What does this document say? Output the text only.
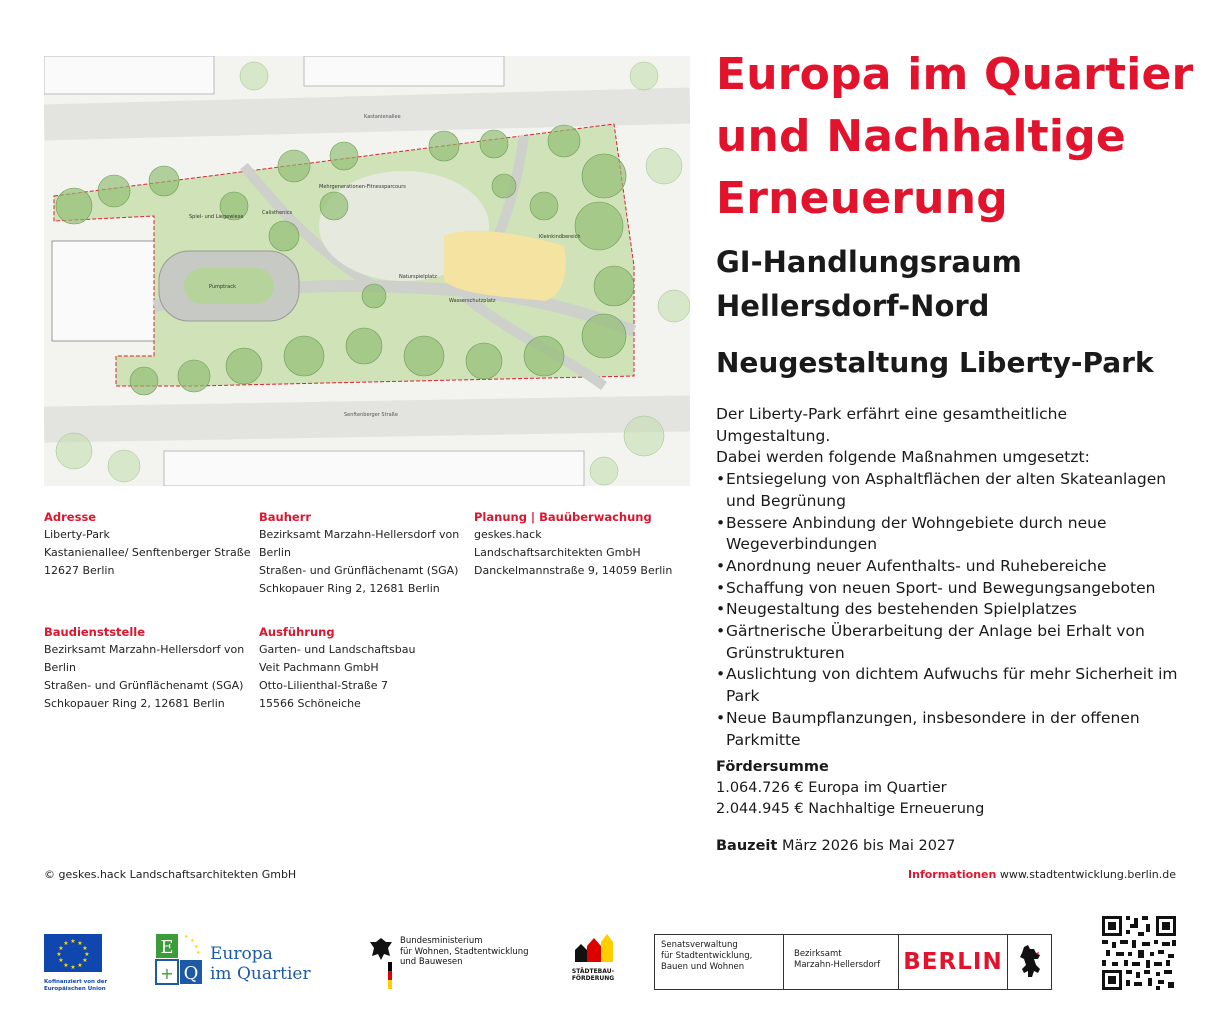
Kastanienallee
Senftenberger Straße
Pumptrack
Spiel- und Liegewiese
Calisthenics
Mehrgenerationen-Fitnessparcours
Naturspielplatz
Wasserschutzplatz
Kleinkindbereich
Europa im Quartier
und Nachhaltige
Erneuerung
GI-Handlungsraum
Hellersdorf-Nord
Neugestaltung Liberty-Park
Der Liberty-Park erfährt eine gesamtheitliche Umgestaltung.
Dabei werden folgende Maßnahmen umgesetzt:
• Entsiegelung von Asphaltflächen der alten Skateanlagen und Begrünung
• Bessere Anbindung der Wohngebiete durch neue Wegeverbindungen
• Anordnung neuer Aufenthalts- und Ruhebereiche
• Schaffung von neuen Sport- und Bewegungsangeboten
• Neugestaltung des bestehenden Spielplatzes
• Gärtnerische Überarbeitung der Anlage bei Erhalt von Grünstrukturen
• Auslichtung von dichtem Aufwuchs für mehr Sicherheit im Park
• Neue Baumpflanzungen, insbesondere in der offenen Parkmitte
Fördersumme
1.064.726 € Europa im Quartier
2.044.945 € Nachhaltige Erneuerung
Bauzeit März 2026 bis Mai 2027
Adresse
Liberty-Park
Kastanienallee/ Senftenberger Straße
12627 Berlin
Bauherr
Bezirksamt Marzahn-Hellersdorf von
Berlin
Straßen- und Grünflächenamt (SGA)
Schkopauer Ring 2, 12681 Berlin
Planung | Bauüberwachung
geskes.hack
Landschaftsarchitekten GmbH
Danckelmannstraße 9, 14059 Berlin
Baudienststelle
Bezirksamt Marzahn-Hellersdorf von
Berlin
Straßen- und Grünflächenamt (SGA)
Schkopauer Ring 2, 12681 Berlin
Ausführung
Garten- und Landschaftsbau
Veit Pachmann GmbH
Otto-Lilienthal-Straße 7
15566 Schöneiche
© geskes.hack Landschaftsarchitekten GmbH	Informationen www.stadtentwicklung.berlin.de
★ ★
★
★
★
★
★
★
★
★
★
★
Kofinanziert von der Europäischen Union
E
Q
+
★
★
★
★ Europa
im Quartier
Bundesministerium
für Wohnen, Stadtentwicklung
und Bauwesen
STÄDTEBAU-
FÖRDERUNG
Senatsverwaltung
für Stadtentwicklung,
Bauen und Wohnen
Bezirksamt
Marzahn-Hellersdorf	BERLIN
